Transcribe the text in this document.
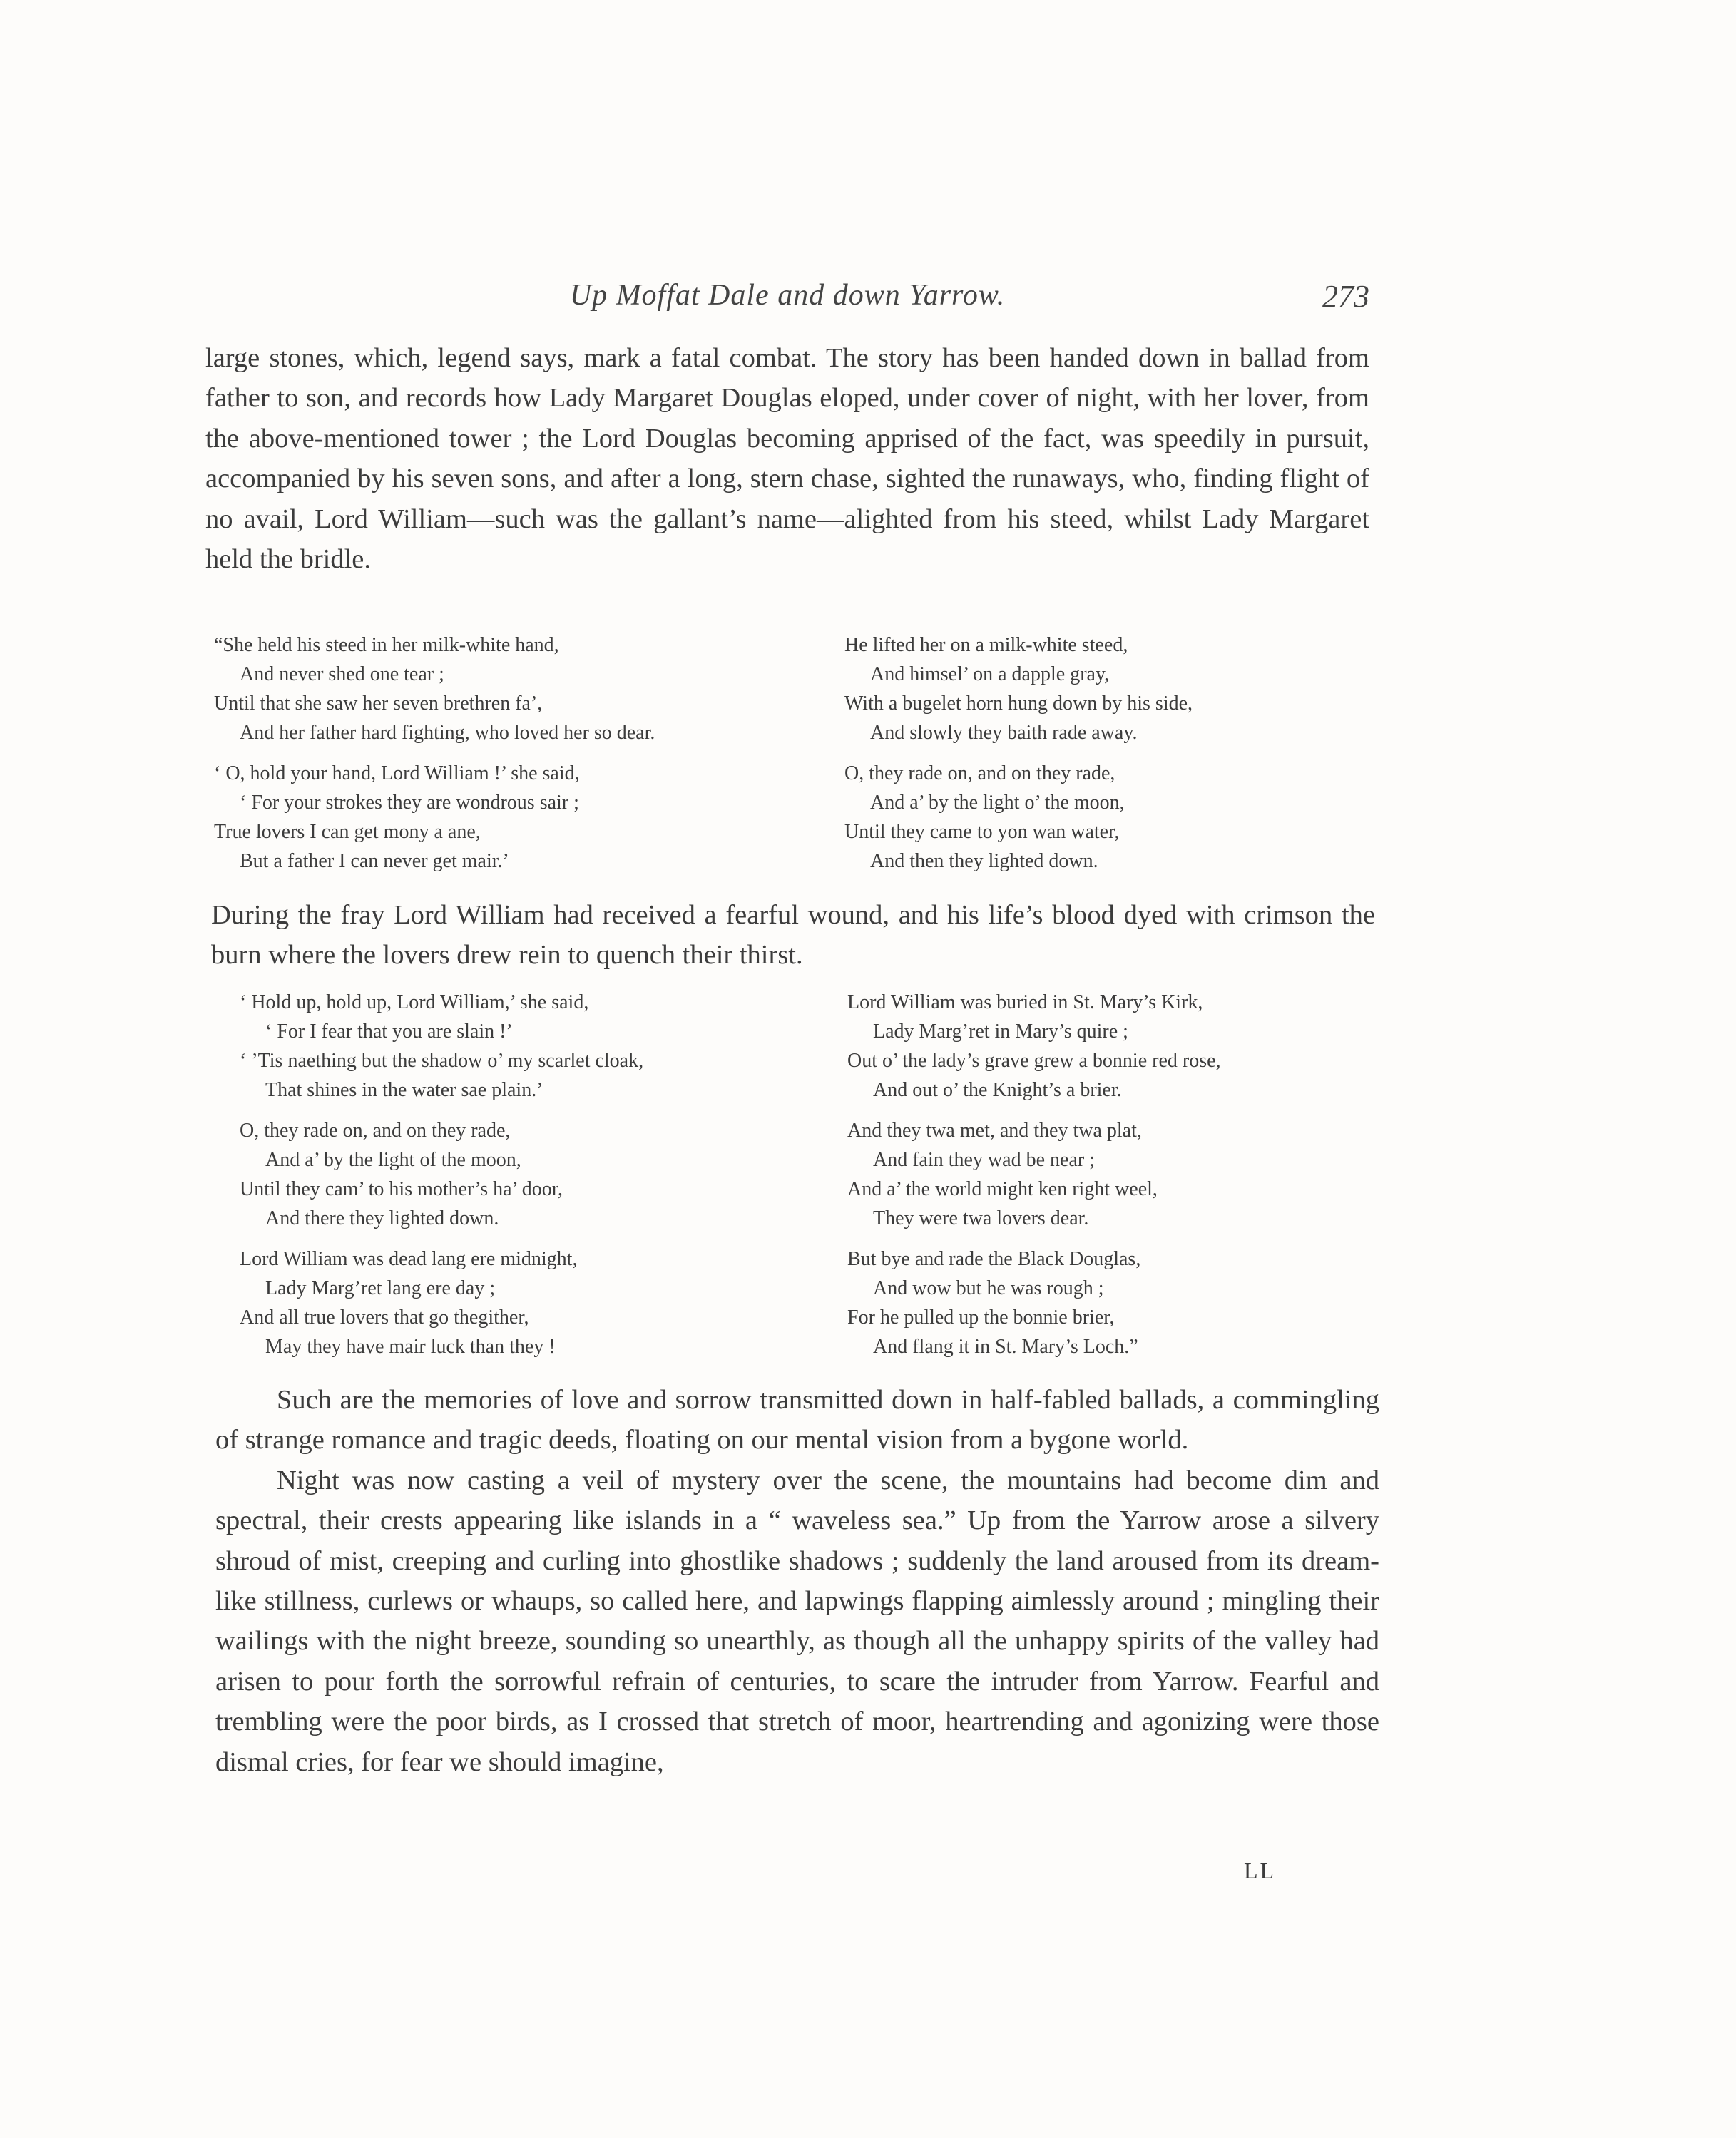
Up Moffat Dale and down Yarrow.	273

large stones, which, legend says, mark a fatal combat. The story has been handed down in ballad from father to son, and records how Lady Margaret Douglas eloped, under cover of night, with her lover, from the above-mentioned tower ; the Lord Douglas becoming apprised of the fact, was speedily in pursuit, accompanied by his seven sons, and after a long, stern chase, sighted the runaways, who, finding flight of no avail, Lord William—such was the gallant’s name—alighted from his steed, whilst Lady Margaret held the bridle.

“She held his steed in her milk-white hand,
And never shed one tear ;
Until that she saw her seven brethren fa’,
And her father hard fighting, who loved her so dear.
‘ O, hold your hand, Lord William !’ she said,
‘ For your strokes they are wondrous sair ;
True lovers I can get mony a ane,
But a father I can never get mair.’
He lifted her on a milk-white steed,
And himsel’ on a dapple gray,
With a bugelet horn hung down by his side,
And slowly they baith rade away.
O, they rade on, and on they rade,
And a’ by the light o’ the moon,
Until they came to yon wan water,
And then they lighted down.

During the fray Lord William had received a fearful wound, and his life’s blood dyed with crimson the burn where the lovers drew rein to quench their thirst.

‘ Hold up, hold up, Lord William,’ she said,
‘ For I fear that you are slain !’
‘ ’Tis naething but the shadow o’ my scarlet cloak,
That shines in the water sae plain.’
O, they rade on, and on they rade,
And a’ by the light of the moon,
Until they cam’ to his mother’s ha’ door,
And there they lighted down.
Lord William was dead lang ere midnight,
Lady Marg’ret lang ere day ;
And all true lovers that go thegither,
May they have mair luck than they !
Lord William was buried in St. Mary’s Kirk,
Lady Marg’ret in Mary’s quire ;
Out o’ the lady’s grave grew a bonnie red rose,
And out o’ the Knight’s a brier.
And they twa met, and they twa plat,
And fain they wad be near ;
And a’ the world might ken right weel,
They were twa lovers dear.
But bye and rade the Black Douglas,
And wow but he was rough ;
For he pulled up the bonnie brier,
And flang it in St. Mary’s Loch.”

Such are the memories of love and sorrow transmitted down in half-fabled ballads, a commingling of strange romance and tragic deeds, floating on our mental vision from a bygone world.

Night was now casting a veil of mystery over the scene, the mountains had become dim and spectral, their crests appearing like islands in a “ waveless sea.” Up from the Yarrow arose a silvery shroud of mist, creeping and curling into ghostlike shadows ; suddenly the land aroused from its dream-like stillness, curlews or whaups, so called here, and lapwings flapping aimlessly around ; mingling their wailings with the night breeze, sounding so unearthly, as though all the unhappy spirits of the valley had arisen to pour forth the sorrowful refrain of centuries, to scare the intruder from Yarrow. Fearful and trembling were the poor birds, as I crossed that stretch of moor, heartrending and agonizing were those dismal cries, for fear we should imagine,

LL
